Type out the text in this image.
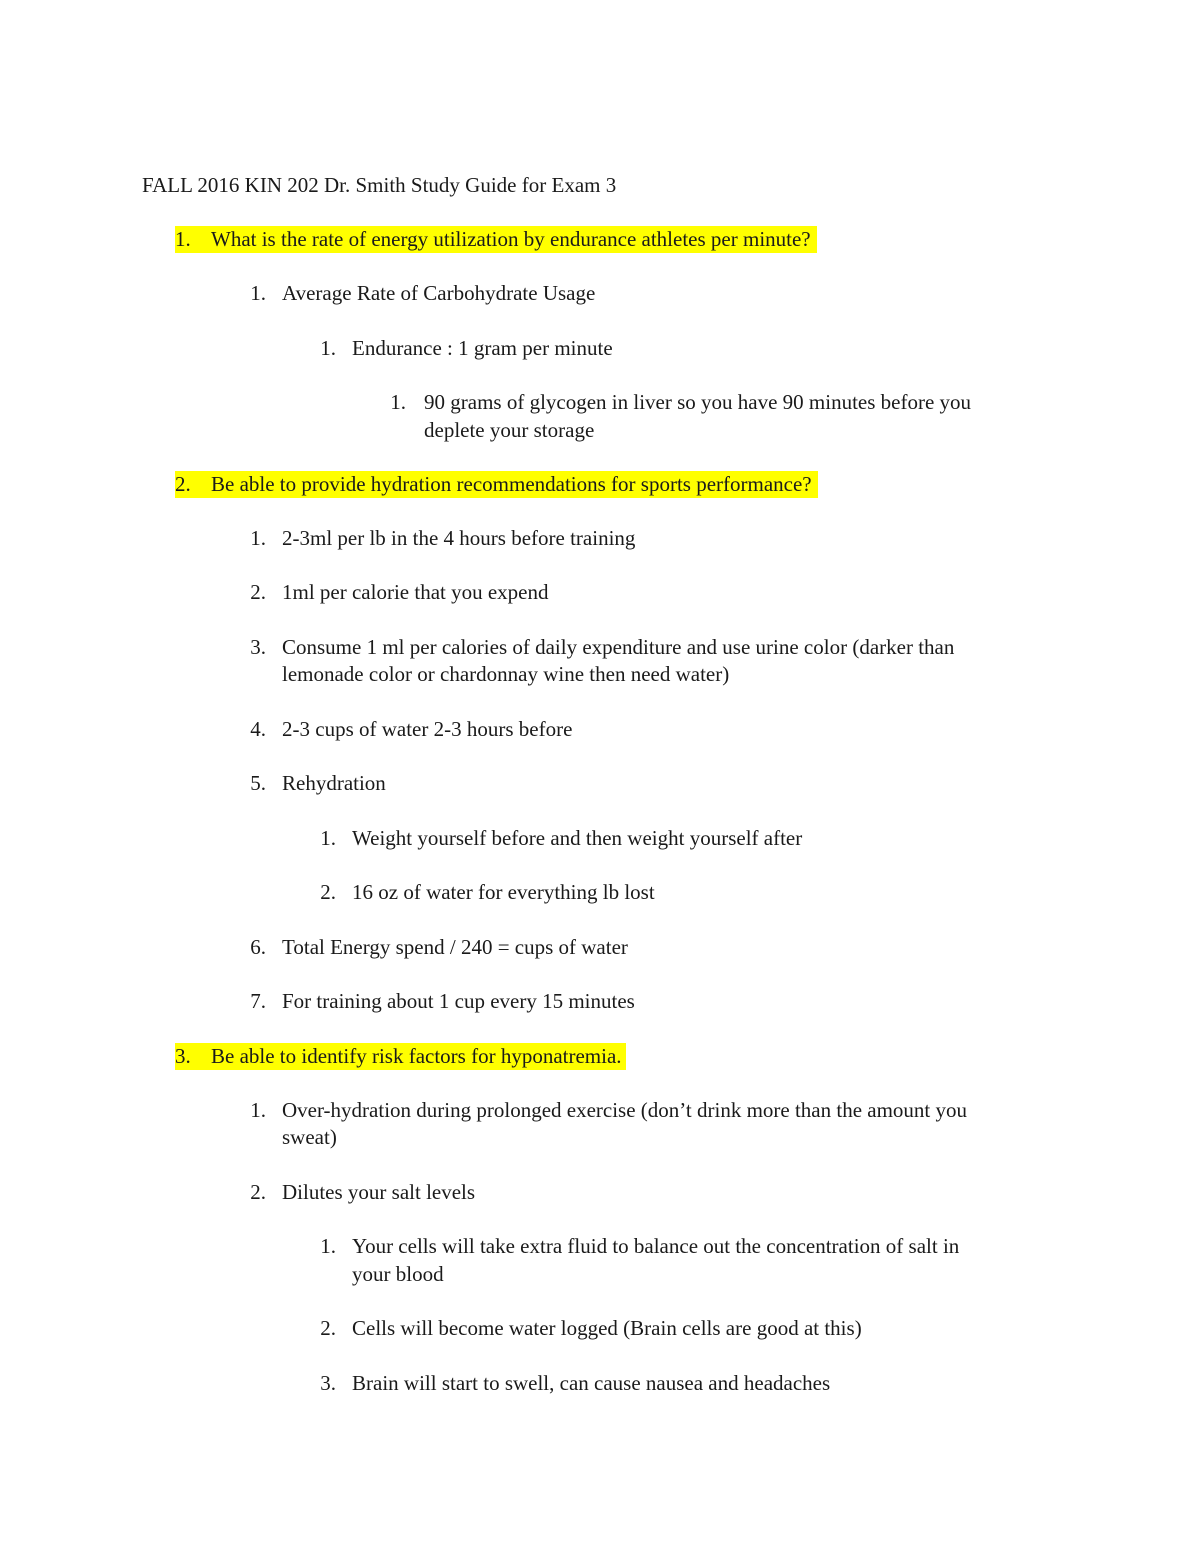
FALL 2016 KIN 202 Dr. Smith Study Guide for Exam 3
1. What is the rate of energy utilization by endurance athletes per minute?
1. Average Rate of Carbohydrate Usage
1. Endurance : 1 gram per minute
1. 90 grams of glycogen in liver so you have 90 minutes before you
deplete your storage
2. Be able to provide hydration recommendations for sports performance?
1. 2-3ml per lb in the 4 hours before training
2. 1ml per calorie that you expend
3. Consume 1 ml per calories of daily expenditure and use urine color (darker than
lemonade color or chardonnay wine then need water)
4. 2-3 cups of water 2-3 hours before
5. Rehydration
1. Weight yourself before and then weight yourself after
2. 16 oz of water for everything lb lost
6. Total Energy spend / 240 = cups of water
7. For training about 1 cup every 15 minutes
3. Be able to identify risk factors for hyponatremia.
1. Over-hydration during prolonged exercise (don’t drink more than the amount you
sweat)
2. Dilutes your salt levels
1. Your cells will take extra fluid to balance out the concentration of salt in
your blood
2. Cells will become water logged (Brain cells are good at this)
3. Brain will start to swell, can cause nausea and headaches
